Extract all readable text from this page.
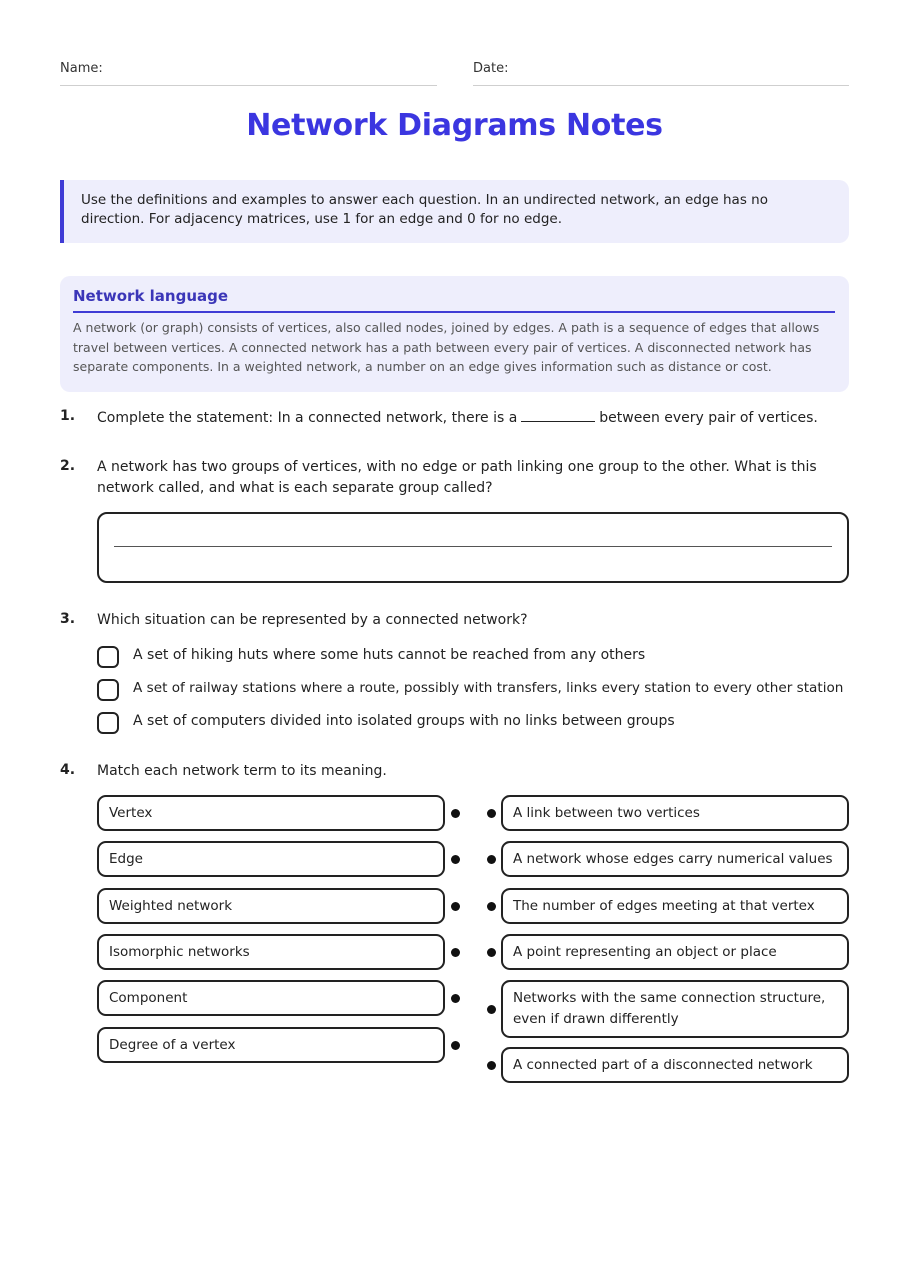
Name:	Date:
Network Diagrams Notes
Use the definitions and examples to answer each question. In an undirected network, an edge has no direction. For adjacency matrices, use 1 for an edge and 0 for no edge.
Network language
A network (or graph) consists of vertices, also called nodes, joined by edges. A path is a sequence of edges that allows travel between vertices. A connected network has a path between every pair of vertices. A disconnected network has separate components. In a weighted network, a number on an edge gives information such as distance or cost.
1. Complete the statement: In a connected network, there is a	between every pair of vertices.
2. A network has two groups of vertices, with no edge or path linking one group to the other. What is this network called, and what is each separate group called?
3. Which situation can be represented by a connected network?
A set of hiking huts where some huts cannot be reached from any others
A set of railway stations where a route, possibly with transfers, links every station to every other station
A set of computers divided into isolated groups with no links between groups
4. Match each network term to its meaning.
Vertex
Edge
Weighted network
Isomorphic networks
Component
Degree of a vertex
A link between two vertices
A network whose edges carry numerical values
The number of edges meeting at that vertex
A point representing an object or place
Networks with the same connection structure, even if drawn differently
A connected part of a disconnected network
